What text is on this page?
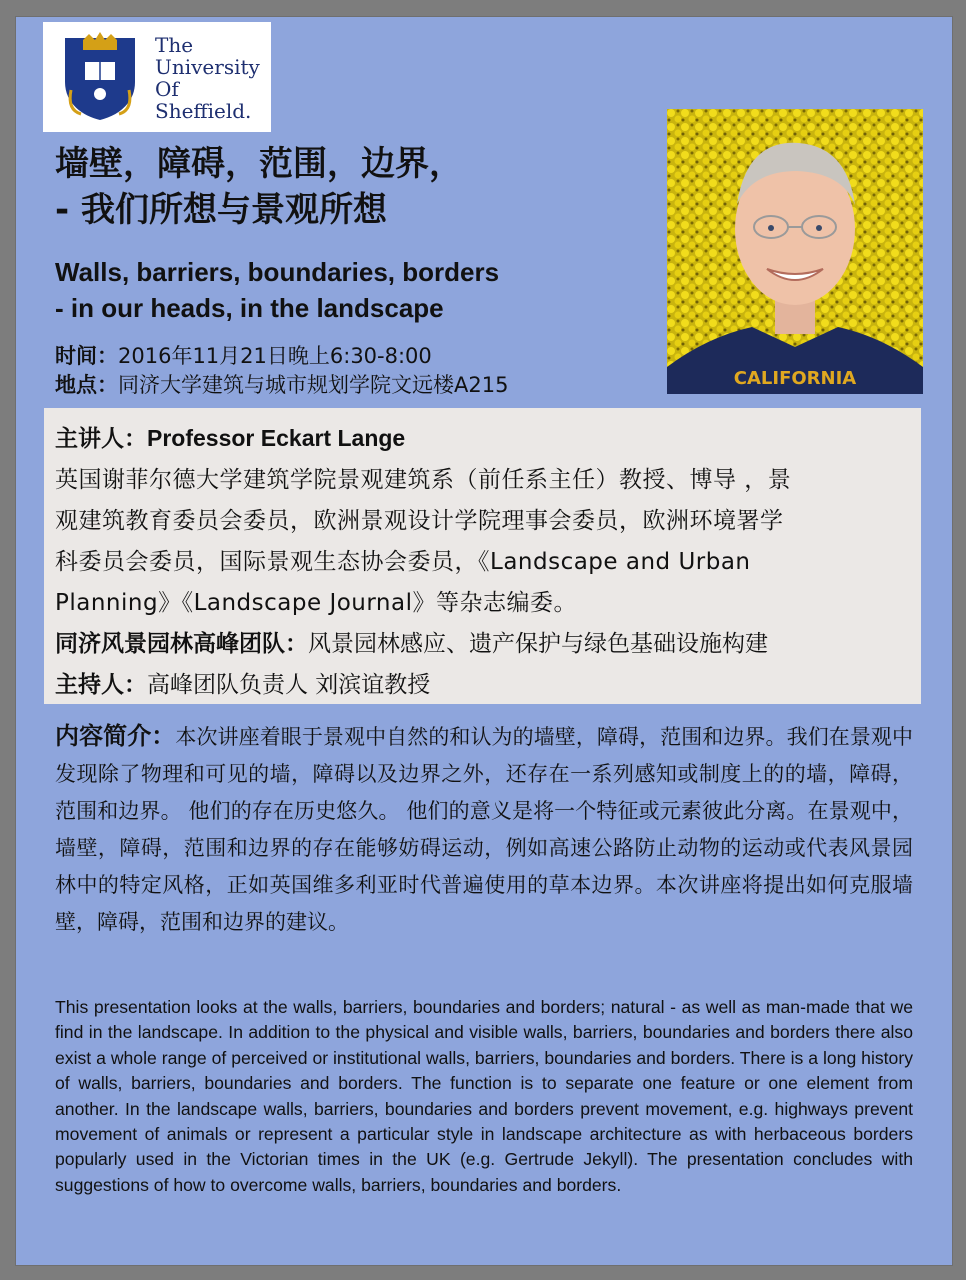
The
University
Of
Sheffield.
CALIFORNIA
墙壁，障碍，范围，边界，
- 我们所想与景观所想
Walls, barriers, boundaries, borders
- in our heads, in the landscape
时间：2016年11月21日晚上6:30-8:00
地点：同济大学建筑与城市规划学院文远楼A215
主讲人：Professor Eckart Lange
英国谢菲尔德大学建筑学院景观建筑系（前任系主任）教授、博导 ，景
观建筑教育委员会委员，欧洲景观设计学院理事会委员，欧洲环境署学
科委员会委员，国际景观生态协会委员，《Landscape and Urban
Planning》《Landscape Journal》等杂志编委。
同济风景园林高峰团队：风景园林感应、遗产保护与绿色基础设施构建
主持人：高峰团队负责人 刘滨谊教授
内容简介：本次讲座着眼于景观中自然的和认为的墙壁，障碍，范围和边界。我们在景观中发现除了物理和可见的墙，障碍以及边界之外，还存在一系列感知或制度上的的墙，障碍，范围和边界。 他们的存在历史悠久。 他们的意义是将一个特征或元素彼此分离。在景观中，墙壁，障碍，范围和边界的存在能够妨碍运动，例如高速公路防止动物的运动或代表风景园林中的特定风格，正如英国维多利亚时代普遍使用的草本边界。本次讲座将提出如何克服墙壁，障碍，范围和边界的建议。
This presentation looks at the walls, barriers, boundaries and borders; natural - as well as man-made that we find in the landscape. In addition to the physical and visible walls, barriers, boundaries and borders there also exist a whole range of perceived or institutional walls, barriers, boundaries and borders. There is a long history of walls, barriers, boundaries and borders. The function is to separate one feature or one element from another. In the landscape walls, barriers, boundaries and borders prevent movement, e.g. highways prevent movement of animals or represent a particular style in landscape architecture as with herbaceous borders popularly used in the Victorian times in the UK (e.g. Gertrude Jekyll). The presentation concludes with suggestions of how to overcome walls, barriers, boundaries and borders.
